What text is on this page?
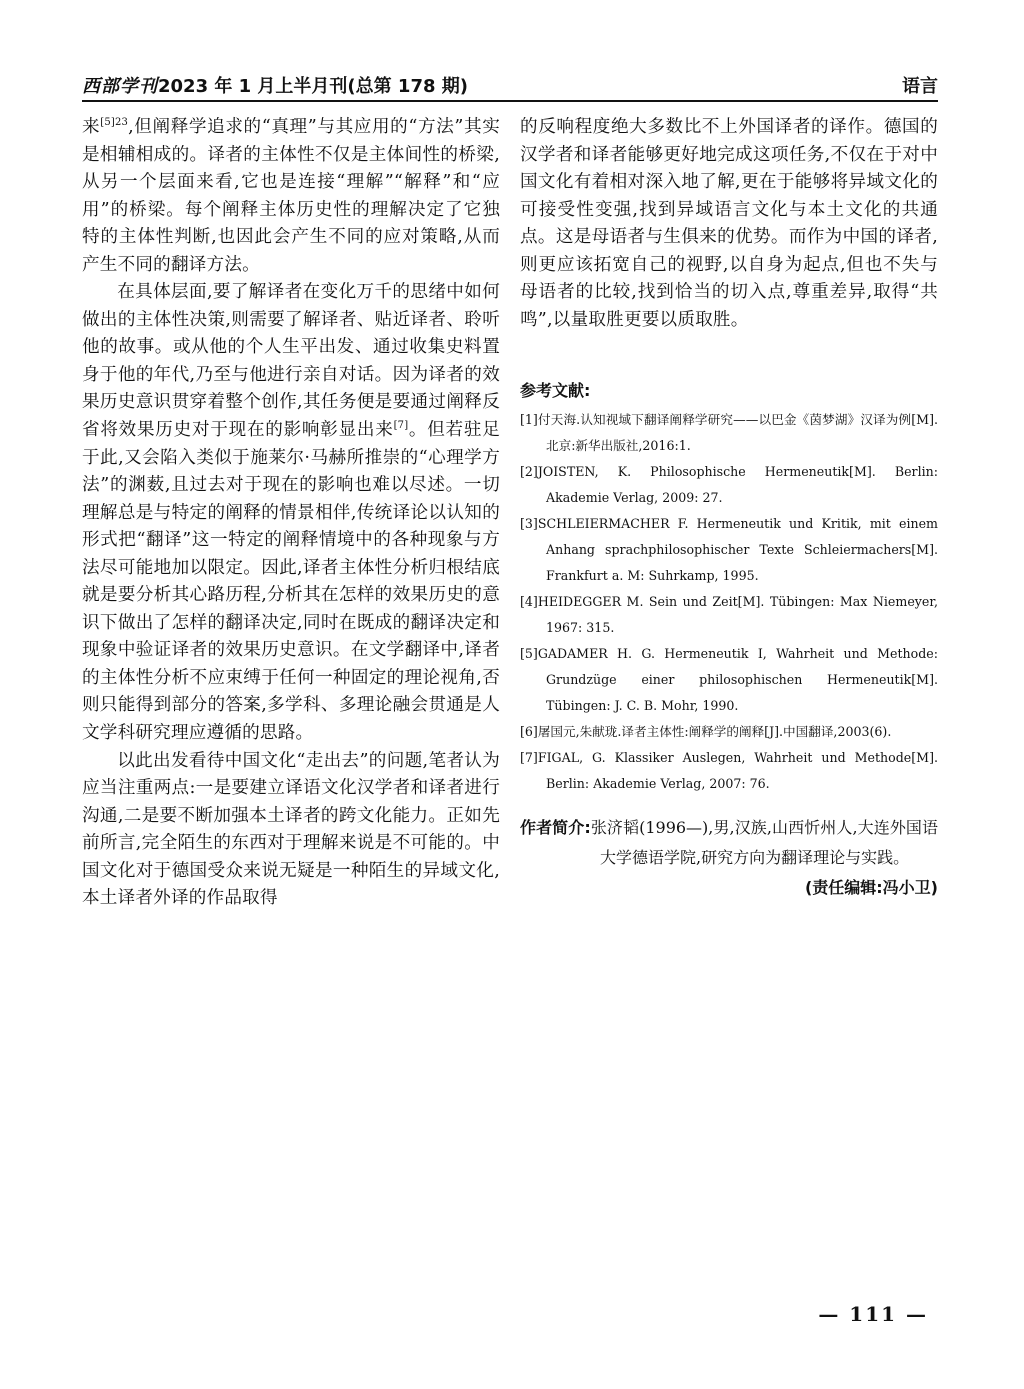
西部学刊2023 年 1 月上半月刊(总第 178 期)	语言

来$^{[5]23}$,但阐释学追求的“真理”与其应用的“方法”其实是相辅相成的。译者的主体性不仅是主体间性的桥梁,从另一个层面来看,它也是连接“理解”“解释”和“应用”的桥梁。每个阐释主体历史性的理解决定了它独特的主体性判断,也因此会产生不同的应对策略,从而产生不同的翻译方法。

在具体层面,要了解译者在变化万千的思绪中如何做出的主体性决策,则需要了解译者、贴近译者、聆听他的故事。或从他的个人生平出发、通过收集史料置身于他的年代,乃至与他进行亲自对话。因为译者的效果历史意识贯穿着整个创作,其任务便是要通过阐释反省将效果历史对于现在的影响彰显出来[7]。但若驻足于此,又会陷入类似于施莱尔·马赫所推崇的“心理学方法”的渊薮,且过去对于现在的影响也难以尽述。一切理解总是与特定的阐释的情景相伴,传统译论以认知的形式把“翻译”这一特定的阐释情境中的各种现象与方法尽可能地加以限定。因此,译者主体性分析归根结底就是要分析其心路历程,分析其在怎样的效果历史的意识下做出了怎样的翻译决定,同时在既成的翻译决定和现象中验证译者的效果历史意识。在文学翻译中,译者的主体性分析不应束缚于任何一种固定的理论视角,否则只能得到部分的答案,多学科、多理论融会贯通是人文学科研究理应遵循的思路。

以此出发看待中国文化“走出去”的问题,笔者认为应当注重两点:一是要建立译语文化汉学者和译者进行沟通,二是要不断加强本土译者的跨文化能力。正如先前所言,完全陌生的东西对于理解来说是不可能的。中国文化对于德国受众来说无疑是一种陌生的异域文化,本土译者外译的作品取得

的反响程度绝大多数比不上外国译者的译作。德国的汉学者和译者能够更好地完成这项任务,不仅在于对中国文化有着相对深入地了解,更在于能够将异域文化的可接受性变强,找到异域语言文化与本土文化的共通点。这是母语者与生俱来的优势。而作为中国的译者,则更应该拓宽自己的视野,以自身为起点,但也不失与母语者的比较,找到恰当的切入点,尊重差异,取得“共鸣”,以量取胜更要以质取胜。

参考文献:
[1]付天海.认知视域下翻译阐释学研究——以巴金《茵梦湖》汉译为例[M].北京:新华出版社,2016:1.
[2]JOISTEN, K. Philosophische Hermeneutik[M]. Berlin: Akademie Verlag, 2009: 27.
[3]SCHLEIERMACHER F. Hermeneutik und Kritik, mit einem Anhang sprachphilosophischer Texte Schleiermachers[M]. Frankfurt a. M: Suhrkamp, 1995.
[4]HEIDEGGER M. Sein und Zeit[M]. Tübingen: Max Niemeyer, 1967: 315.
[5]GADAMER H. G. Hermeneutik I, Wahrheit und Methode: Grundzüge einer philosophischen Hermeneutik[M]. Tübingen: J. C. B. Mohr, 1990.
[6]屠国元,朱献珑.译者主体性:阐释学的阐释[J].中国翻译,2003(6).
[7]FIGAL, G. Klassiker Auslegen, Wahrheit und Methode[M]. Berlin: Akademie Verlag, 2007: 76.
作者简介:张济韬(1996—),男,汉族,山西忻州人,大连外国语大学德语学院,研究方向为翻译理论与实践。
(责任编辑:冯小卫)
— 111 —
